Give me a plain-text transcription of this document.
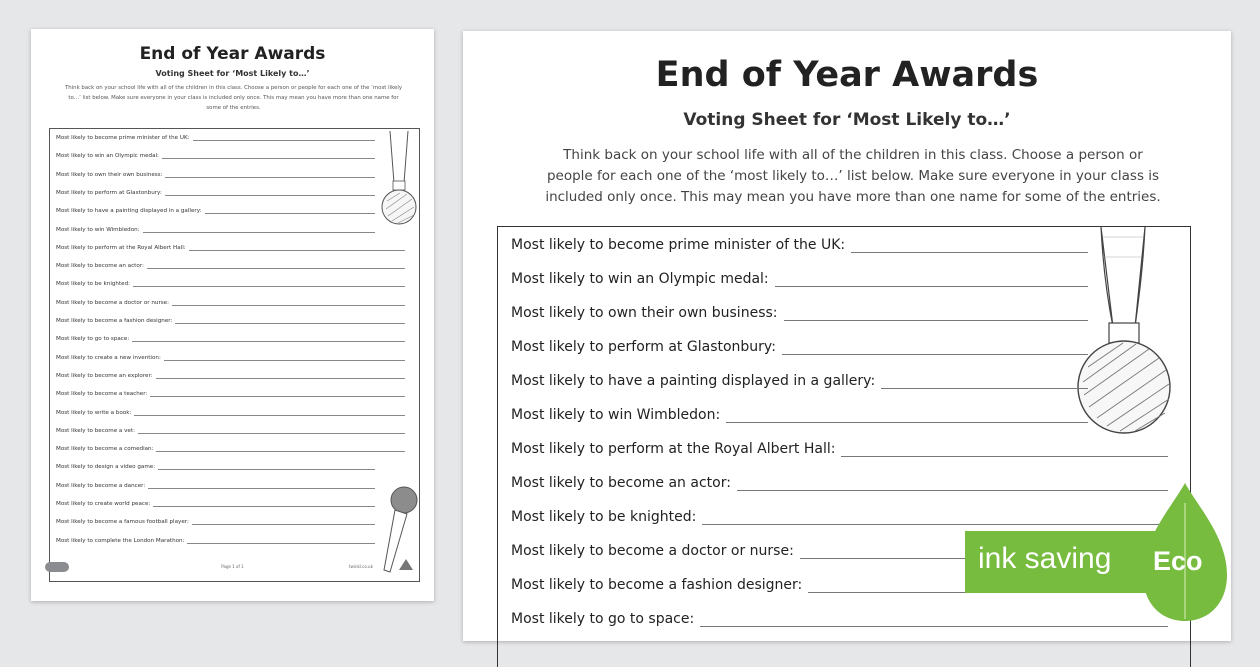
End of Year Awards
Voting Sheet for ‘Most Likely to…’
Think back on your school life with all of the children in this class. Choose a person or people for each one of the ‘most likely to…’ list below. Make sure everyone in your class is included only once. This may mean you have more than one name for some of the entries.
Most likely to become prime minister of the UK:
Most likely to win an Olympic medal:
Most likely to own their own business:
Most likely to perform at Glastonbury:
Most likely to have a painting displayed in a gallery:
Most likely to win Wimbledon:
Most likely to perform at the Royal Albert Hall:
Most likely to become an actor:
Most likely to be knighted:
Most likely to become a doctor or nurse:
Most likely to become a fashion designer:
Most likely to go to space:
Most likely to create a new invention:
Most likely to become an explorer:
Most likely to become a teacher:
Most likely to write a book:
Most likely to become a vet:
Most likely to become a comedian:
Most likely to design a video game:
Most likely to become a dancer:
Most likely to create world peace:
Most likely to become a famous football player:
Most likely to complete the London Marathon:
Page 1 of 1	twinkl.co.uk
End of Year Awards
Voting Sheet for ‘Most Likely to…’
Think back on your school life with all of the children in this class. Choose a person or
people for each one of the ‘most likely to…’ list below. Make sure everyone in your class is
included only once. This may mean you have more than one name for some of the entries.
Most likely to become prime minister of the UK:
Most likely to win an Olympic medal:
Most likely to own their own business:
Most likely to perform at Glastonbury:
Most likely to have a painting displayed in a gallery:
Most likely to win Wimbledon:
Most likely to perform at the Royal Albert Hall:
Most likely to become an actor:
Most likely to be knighted:
Most likely to become a doctor or nurse:
Most likely to become a fashion designer:
Most likely to go to space:
ink saving Eco
